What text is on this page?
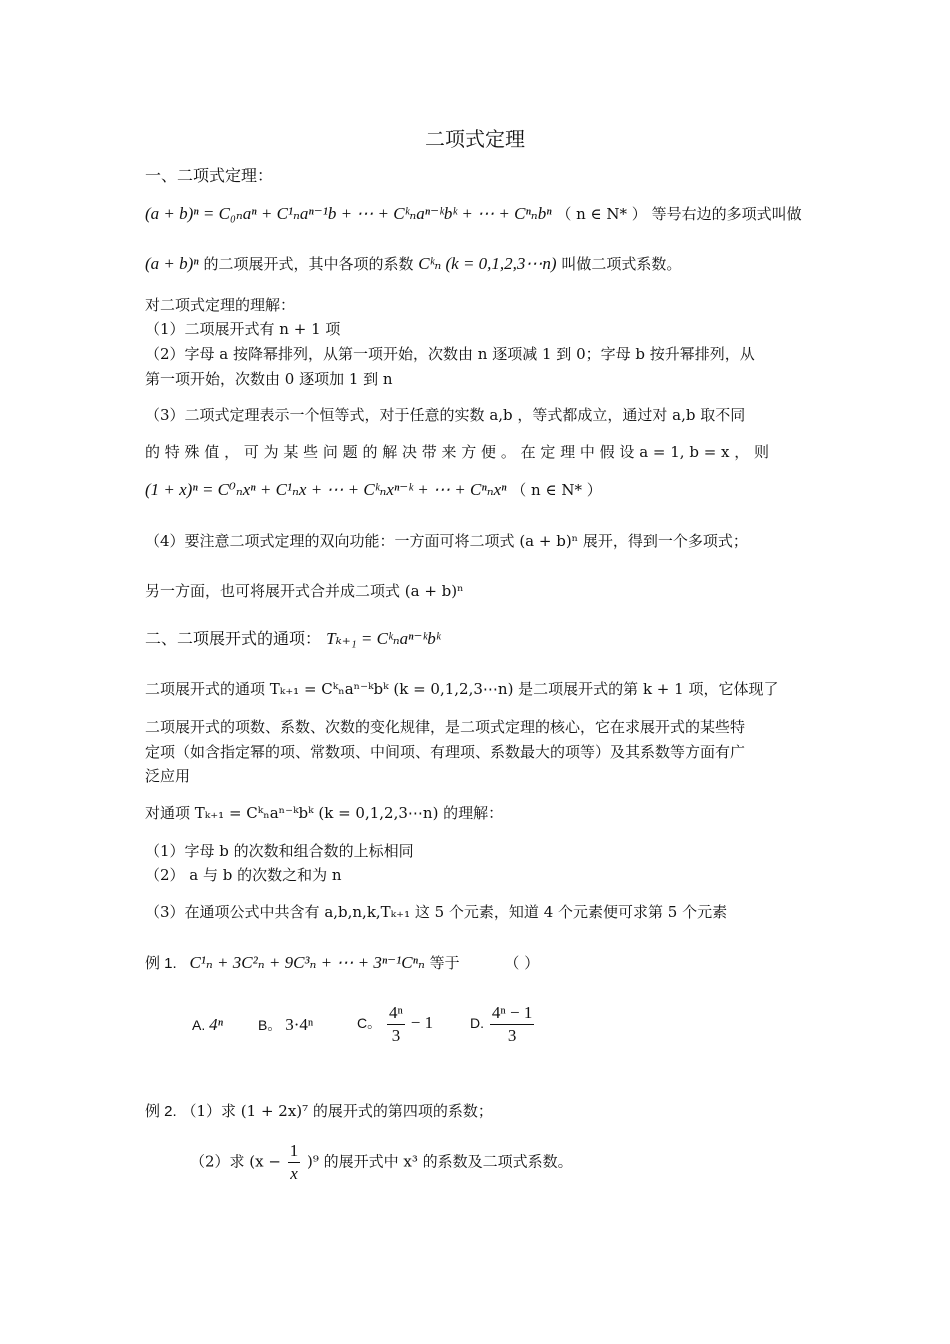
二项式定理
一、二项式定理：
(a + b)ⁿ = C₀ₙaⁿ + C¹ₙaⁿ⁻¹b + ⋯ + Cᵏₙaⁿ⁻ᵏbᵏ + ⋯ + Cⁿₙbⁿ （ n ∈ N* ） 等号右边的多项式叫做
(a + b)ⁿ 的二项展开式，其中各项的系数 Cᵏₙ (k = 0,1,2,3⋯n) 叫做二项式系数。
对二项式定理的理解：
（1）二项展开式有 n + 1 项
（2）字母 a 按降幂排列，从第一项开始，次数由 n 逐项减 1 到 0；字母 b 按升幂排列，从
第一项开始，次数由 0 逐项加 1 到 n
（3）二项式定理表示一个恒等式，对于任意的实数 a,b ，等式都成立，通过对 a,b 取不同
的 特 殊 值 ， 可 为 某 些 问 题 的 解 决 带 来 方 便 。 在 定 理 中 假 设 a = 1, b = x ， 则
(1 + x)ⁿ = C⁰ₙxⁿ + C¹ₙx + ⋯ + Cᵏₙxⁿ⁻ᵏ + ⋯ + Cⁿₙxⁿ （ n ∈ N* ）
（4）要注意二项式定理的双向功能：一方面可将二项式 (a + b)ⁿ 展开，得到一个多项式；
另一方面，也可将展开式合并成二项式 (a + b)ⁿ
二、二项展开式的通项： Tₖ₊₁ = Cᵏₙaⁿ⁻ᵏbᵏ
二项展开式的通项 Tₖ₊₁ = Cᵏₙaⁿ⁻ᵏbᵏ (k = 0,1,2,3⋯n) 是二项展开式的第 k + 1 项，它体现了
二项展开式的项数、系数、次数的变化规律，是二项式定理的核心，它在求展开式的某些特
定项（如含指定幂的项、常数项、中间项、有理项、系数最大的项等）及其系数等方面有广
泛应用
对通项 Tₖ₊₁ = Cᵏₙaⁿ⁻ᵏbᵏ (k = 0,1,2,3⋯n) 的理解：
（1）字母 b 的次数和组合数的上标相同
（2） a 与 b 的次数之和为 n
（3）在通项公式中共含有 a,b,n,k,Tₖ₊₁ 这 5 个元素，知道 4 个元素便可求第 5 个元素
例 1. C¹ₙ + 3C²ₙ + 9C³ₙ + ⋯ + 3ⁿ⁻¹Cⁿₙ 等于	（ ）
A. 4ⁿ	B。 3·4ⁿ	C。 $\frac{\text{4ⁿ}}{3} - 1$	D. $\frac{\text{4ⁿ − 1}}{3}$
例 2. （1）求 (1 + 2x)⁷ 的展开式的第四项的系数；
（2）求 $(x - \frac{1}{x} )^9$ 的展开式中 x³ 的系数及二项式系数。
